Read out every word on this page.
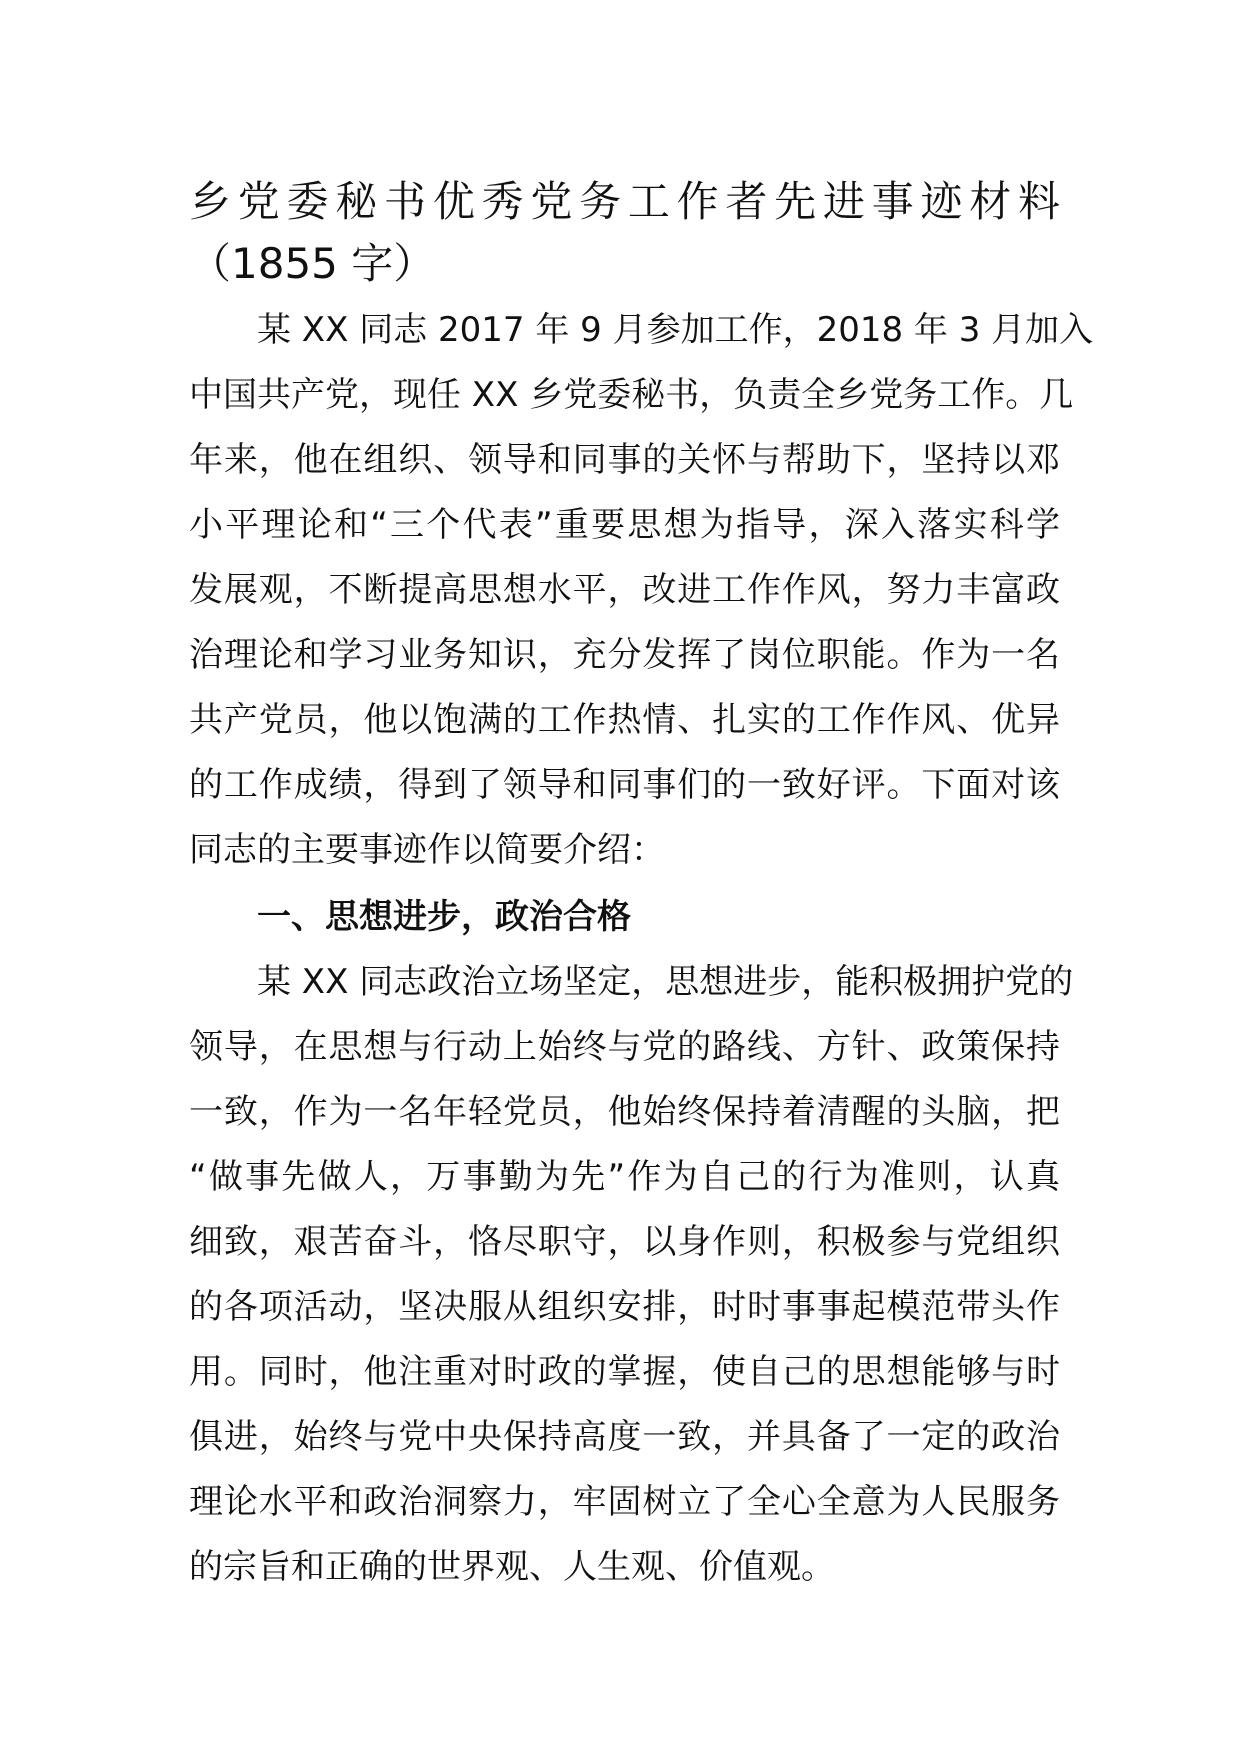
乡党委秘书优秀党务工作者先进事迹材料
（1855 字）
　　某 XX 同志 2017 年 9 月参加工作，2018 年 3 月加入
中国共产党，现任 XX 乡党委秘书，负责全乡党务工作。几
年来，他在组织、领导和同事的关怀与帮助下，坚持以邓
小平理论和“三个代表”重要思想为指导，深入落实科学
发展观，不断提高思想水平，改进工作作风，努力丰富政
治理论和学习业务知识，充分发挥了岗位职能。作为一名
共产党员，他以饱满的工作热情、扎实的工作作风、优异
的工作成绩，得到了领导和同事们的一致好评。下面对该
同志的主要事迹作以简要介绍：
　　一、思想进步，政治合格
　　某 XX 同志政治立场坚定，思想进步，能积极拥护党的
领导，在思想与行动上始终与党的路线、方针、政策保持
一致，作为一名年轻党员，他始终保持着清醒的头脑，把
“做事先做人，万事勤为先”作为自己的行为准则，认真
细致，艰苦奋斗，恪尽职守，以身作则，积极参与党组织
的各项活动，坚决服从组织安排，时时事事起模范带头作
用。同时，他注重对时政的掌握，使自己的思想能够与时
俱进，始终与党中央保持高度一致，并具备了一定的政治
理论水平和政治洞察力，牢固树立了全心全意为人民服务
的宗旨和正确的世界观、人生观、价值观。
